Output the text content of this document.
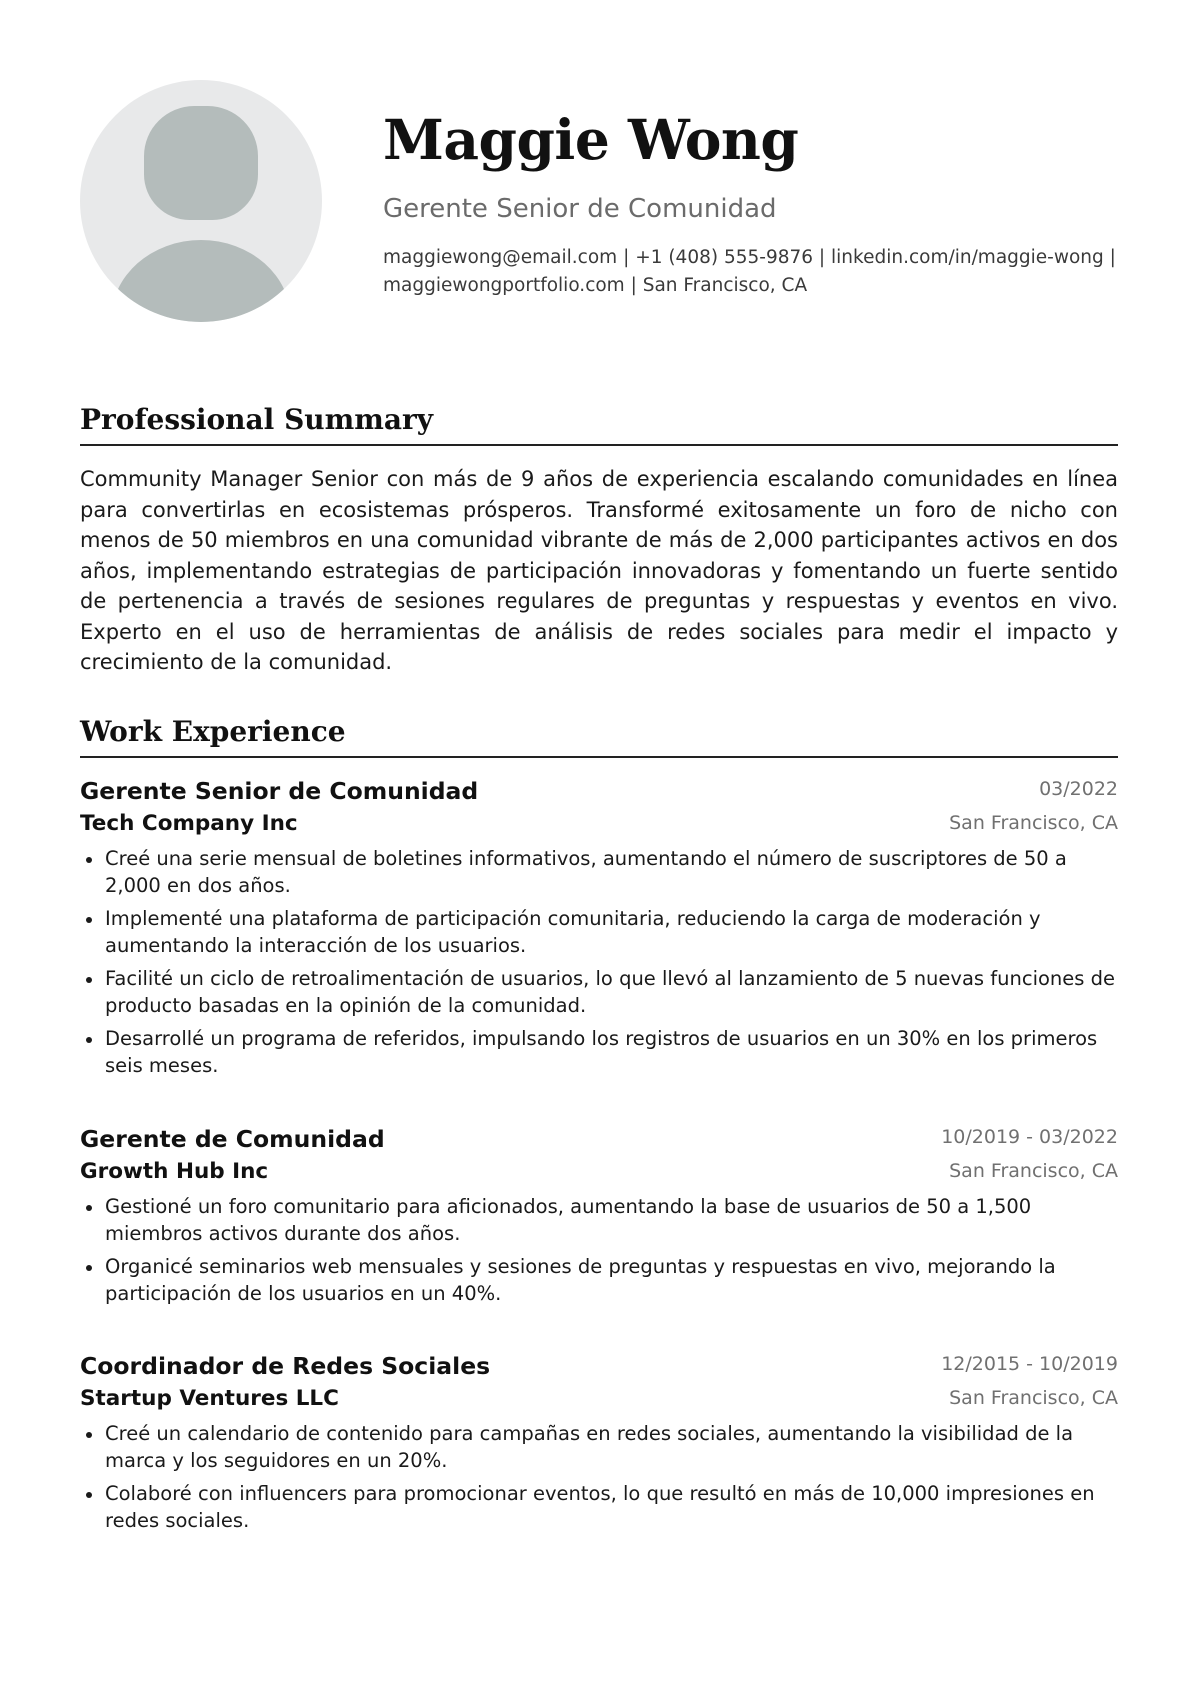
Maggie Wong
Gerente Senior de Comunidad
maggiewong@email.com | +1 (408) 555-9876 | linkedin.com/in/maggie-wong |
maggiewongportfolio.com | San Francisco, CA
Professional Summary

Community Manager Senior con más de 9 años de experiencia escalando comunidades en línea para convertirlas en ecosistemas prósperos. Transformé exitosamente un foro de nicho con menos de 50 miembros en una comunidad vibrante de más de 2,000 participantes activos en dos años, implementando estrategias de participación innovadoras y fomentando un fuerte sentido de pertenencia a través de sesiones regulares de preguntas y respuestas y eventos en vivo. Experto en el uso de herramientas de análisis de redes sociales para medir el impacto y crecimiento de la comunidad.

Work Experience
Gerente Senior de Comunidad	03/2022
Tech Company Inc	San Francisco, CA
Creé una serie mensual de boletines informativos, aumentando el número de suscriptores de 50 a 2,000 en dos años.
Implementé una plataforma de participación comunitaria, reduciendo la carga de moderación y aumentando la interacción de los usuarios.
Facilité un ciclo de retroalimentación de usuarios, lo que llevó al lanzamiento de 5 nuevas funciones de producto basadas en la opinión de la comunidad.
Desarrollé un programa de referidos, impulsando los registros de usuarios en un 30% en los primeros seis meses.
Gerente de Comunidad	10/2019 - 03/2022
Growth Hub Inc	San Francisco, CA
Gestioné un foro comunitario para aficionados, aumentando la base de usuarios de 50 a 1,500 miembros activos durante dos años.
Organicé seminarios web mensuales y sesiones de preguntas y respuestas en vivo, mejorando la participación de los usuarios en un 40%.
Coordinador de Redes Sociales	12/2015 - 10/2019
Startup Ventures LLC	San Francisco, CA
Creé un calendario de contenido para campañas en redes sociales, aumentando la visibilidad de la marca y los seguidores en un 20%.
Colaboré con influencers para promocionar eventos, lo que resultó en más de 10,000 impresiones en redes sociales.
